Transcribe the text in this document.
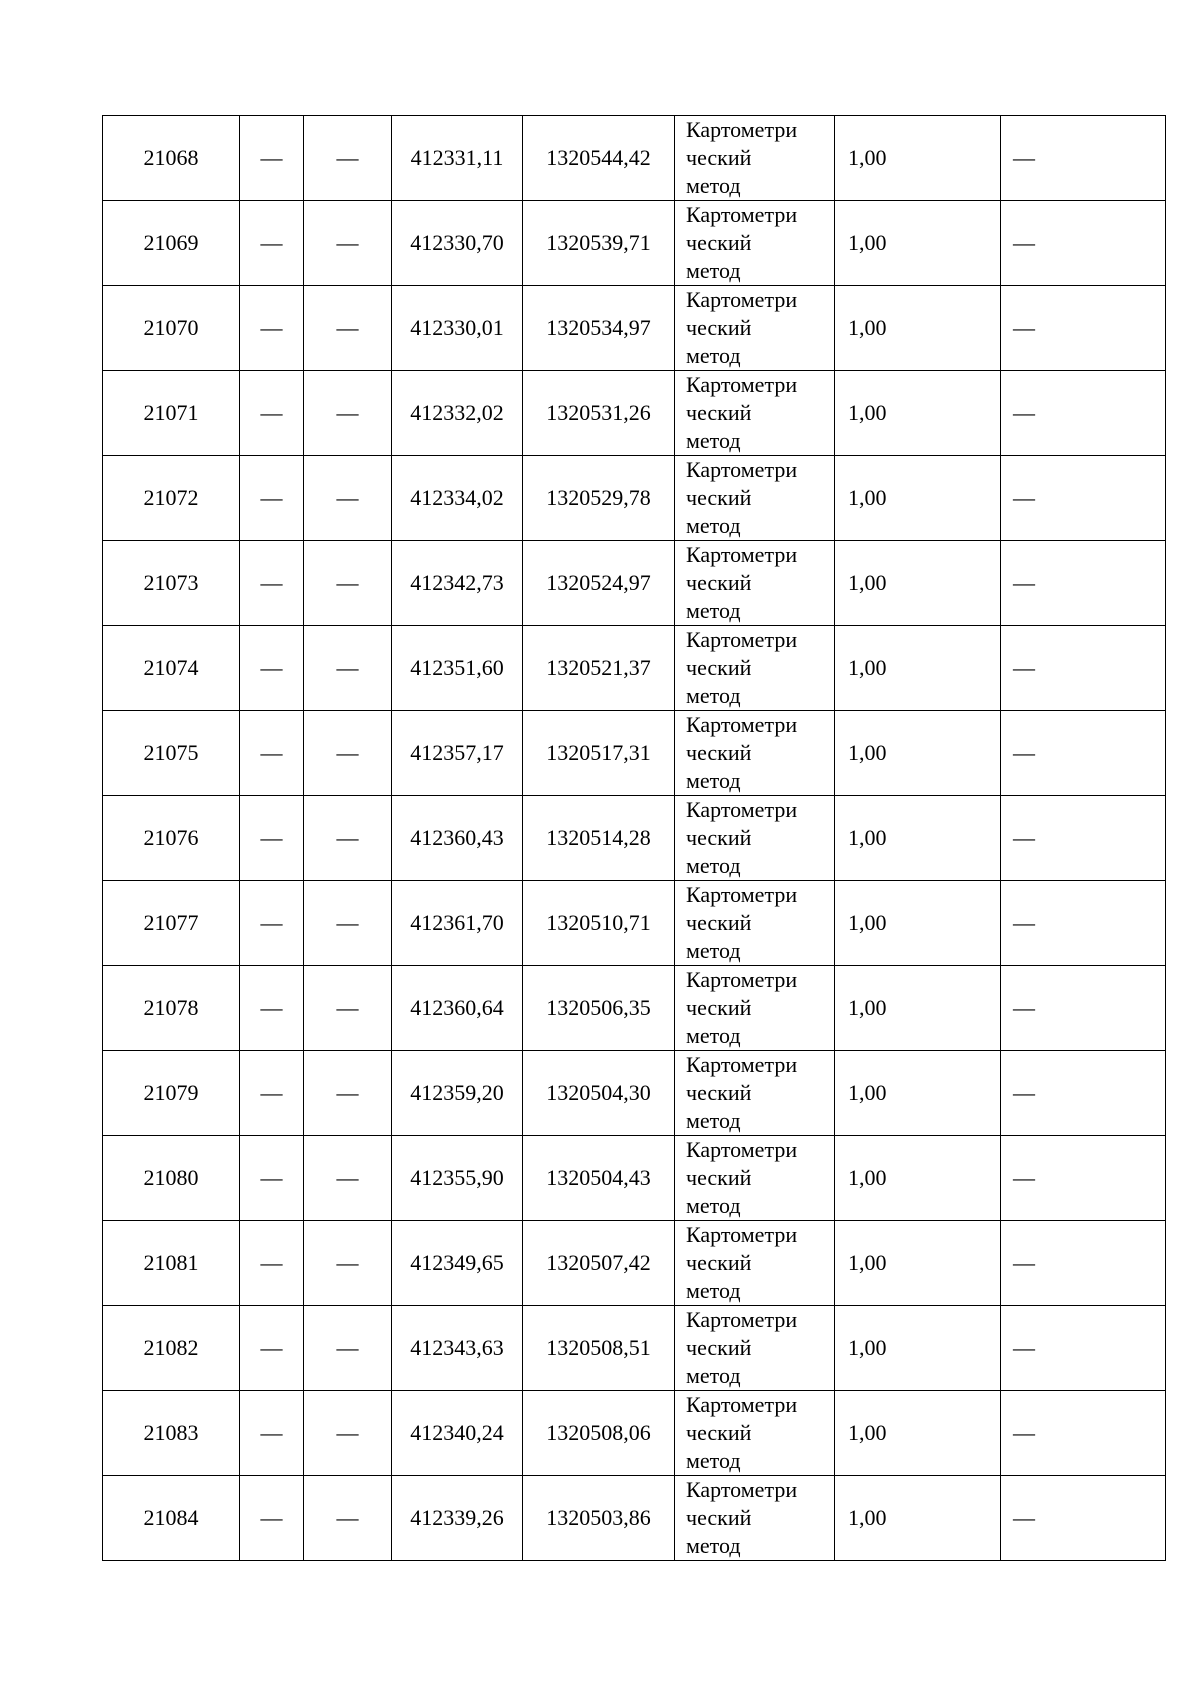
21068	—	—	412331,11	1320544,42	Картометри
ческий
метод	1,00	—
21069	—	—	412330,70	1320539,71	Картометри
ческий
метод	1,00	—
21070	—	—	412330,01	1320534,97	Картометри
ческий
метод	1,00	—
21071	—	—	412332,02	1320531,26	Картометри
ческий
метод	1,00	—
21072	—	—	412334,02	1320529,78	Картометри
ческий
метод	1,00	—
21073	—	—	412342,73	1320524,97	Картометри
ческий
метод	1,00	—
21074	—	—	412351,60	1320521,37	Картометри
ческий
метод	1,00	—
21075	—	—	412357,17	1320517,31	Картометри
ческий
метод	1,00	—
21076	—	—	412360,43	1320514,28	Картометри
ческий
метод	1,00	—
21077	—	—	412361,70	1320510,71	Картометри
ческий
метод	1,00	—
21078	—	—	412360,64	1320506,35	Картометри
ческий
метод	1,00	—
21079	—	—	412359,20	1320504,30	Картометри
ческий
метод	1,00	—
21080	—	—	412355,90	1320504,43	Картометри
ческий
метод	1,00	—
21081	—	—	412349,65	1320507,42	Картометри
ческий
метод	1,00	—
21082	—	—	412343,63	1320508,51	Картометри
ческий
метод	1,00	—
21083	—	—	412340,24	1320508,06	Картометри
ческий
метод	1,00	—
21084	—	—	412339,26	1320503,86	Картометри
ческий
метод	1,00	—
